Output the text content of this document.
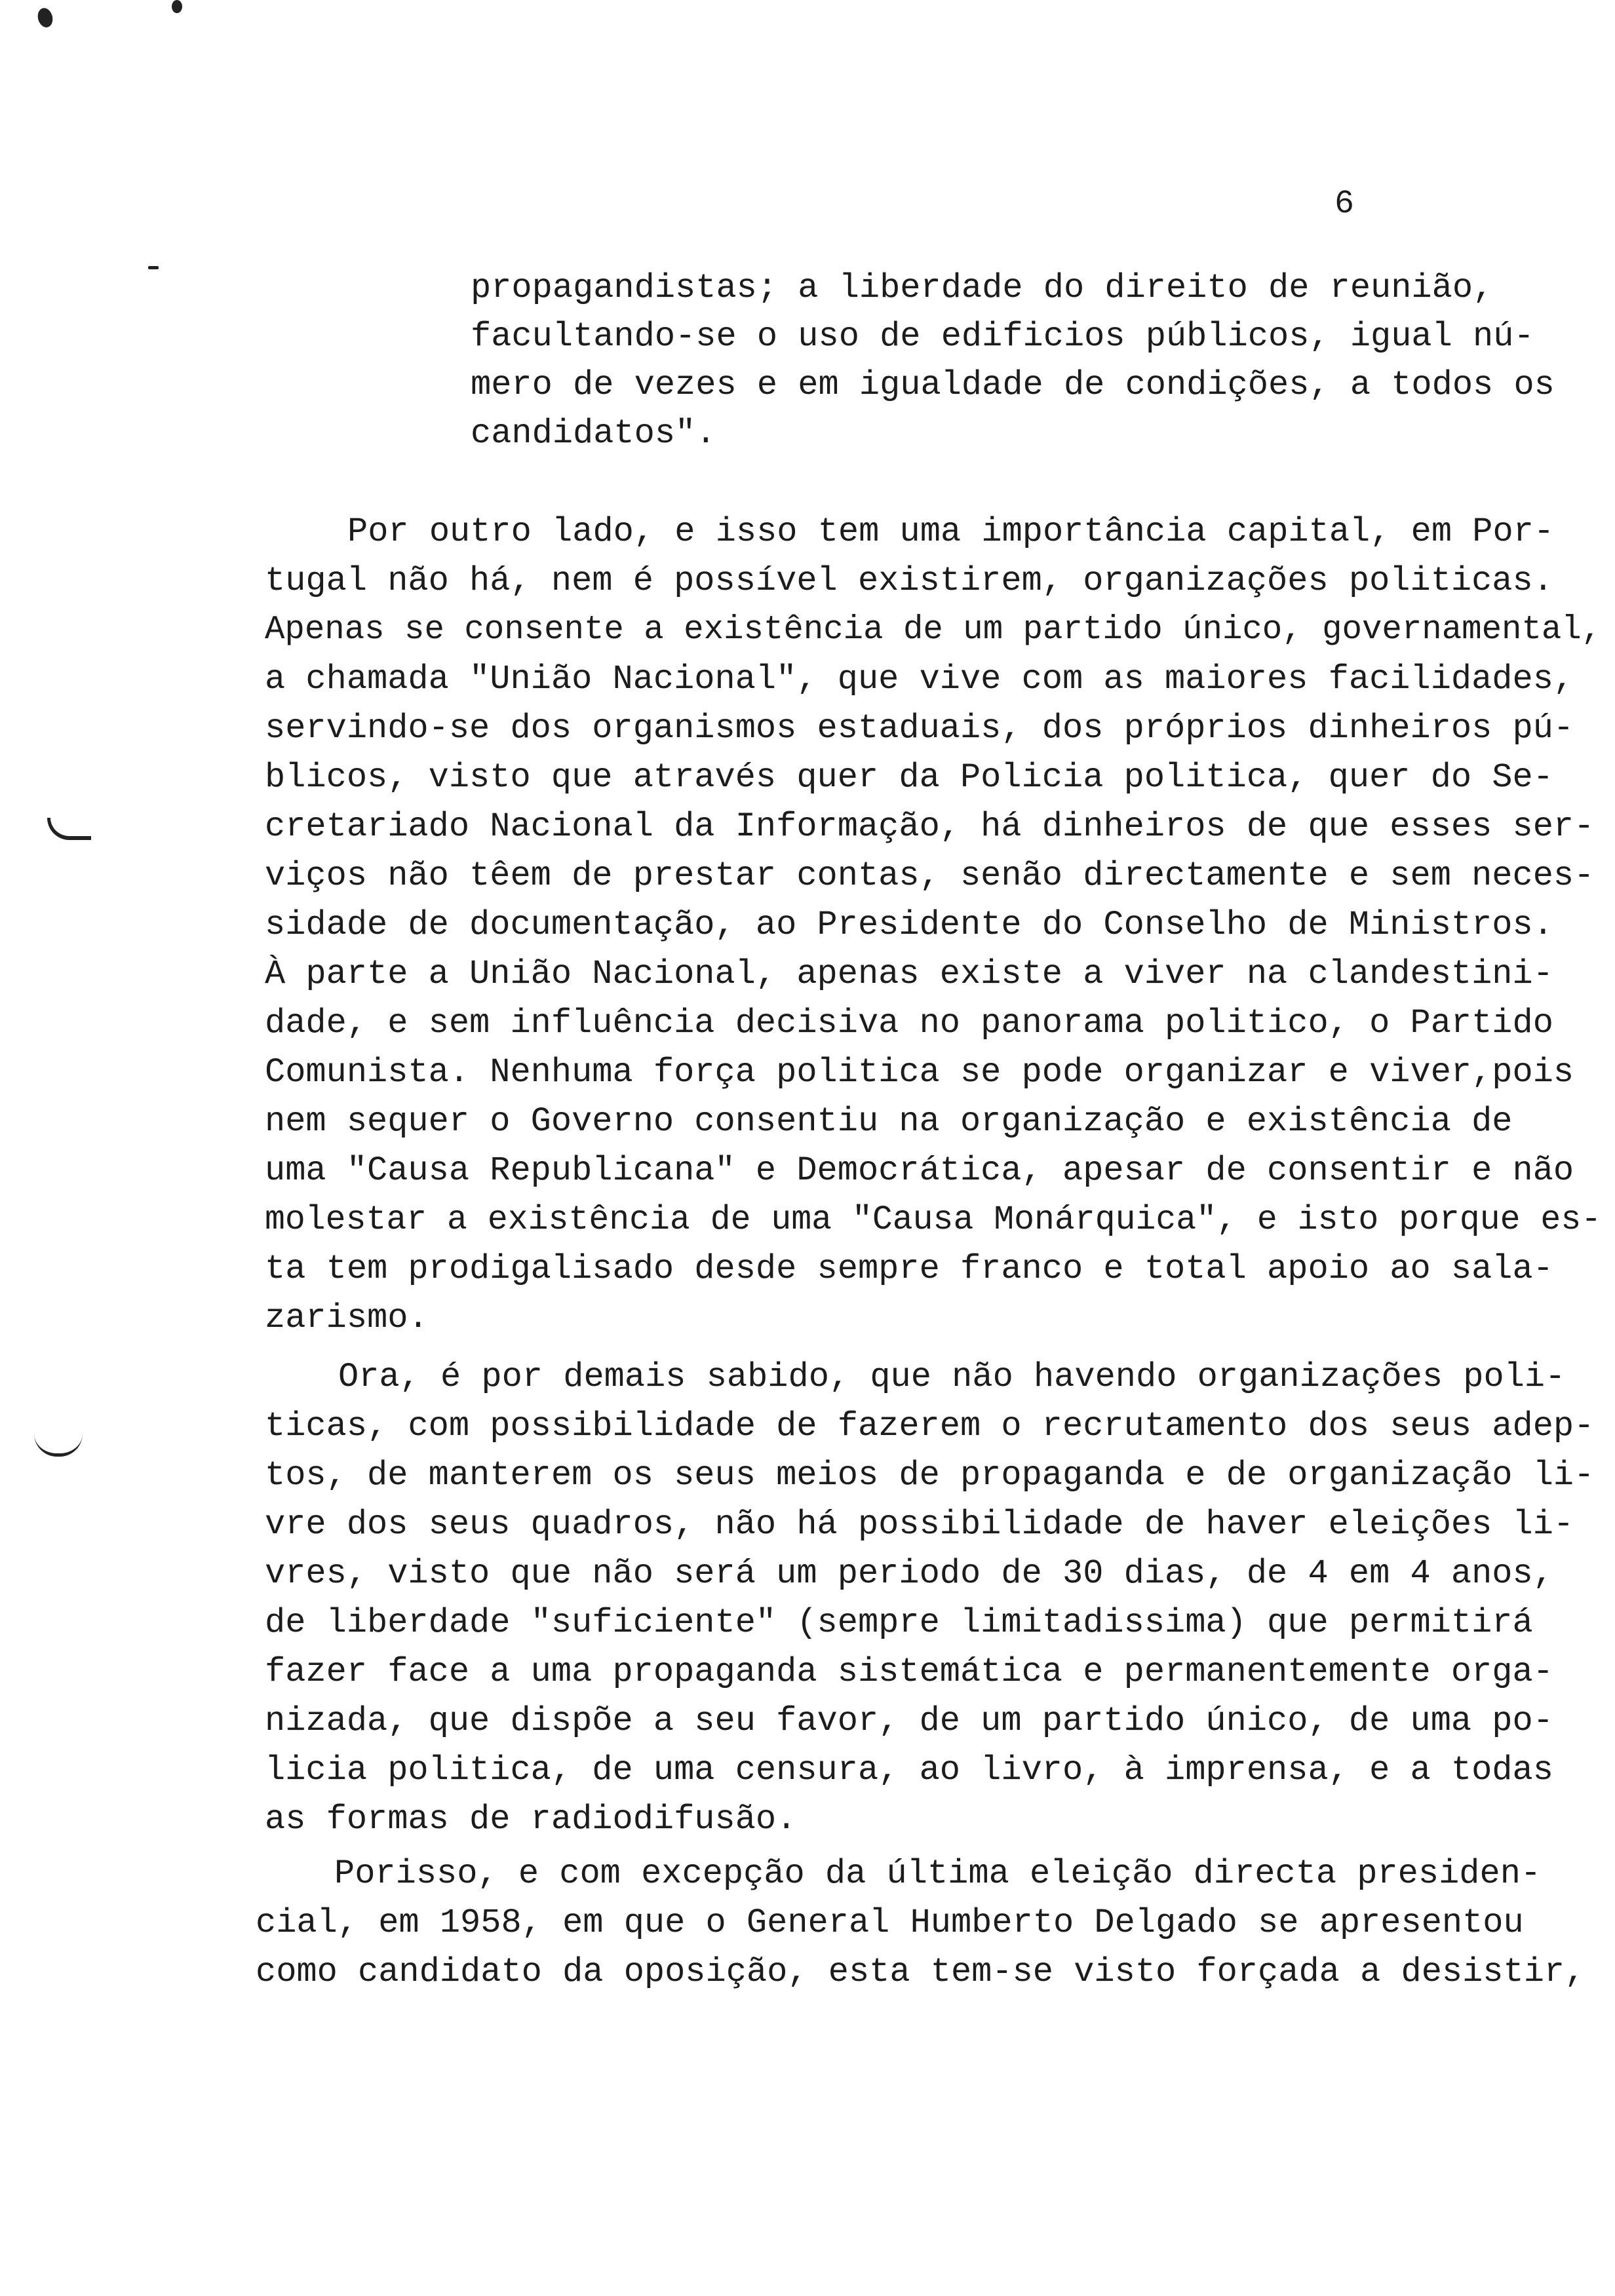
6

propagandistas; a liberdade do direito de reunião,

facultando-se o uso de edificios públicos, igual nú-

mero de vezes e em igualdade de condições, a todos os

candidatos".

Por outro lado, e isso tem uma importância capital, em Por-

tugal não há, nem é possível existirem, organizações politicas.

Apenas se consente a existência de um partido único, governamental,

a chamada "União Nacional", que vive com as maiores facilidades,

servindo-se dos organismos estaduais, dos próprios dinheiros pú-

blicos, visto que através quer da Policia politica, quer do Se-

cretariado Nacional da Informação, há dinheiros de que esses ser-

viços não têem de prestar contas, senão directamente e sem neces-

sidade de documentação, ao Presidente do Conselho de Ministros.

À parte a União Nacional, apenas existe a viver na clandestini-

dade, e sem influência decisiva no panorama politico, o Partido

Comunista. Nenhuma força politica se pode organizar e viver,pois

nem sequer o Governo consentiu na organização e existência de

uma "Causa Republicana" e Democrática, apesar de consentir e não

molestar a existência de uma "Causa Monárquica", e isto porque es-

ta tem prodigalisado desde sempre franco e total apoio ao sala-

zarismo.

Ora, é por demais sabido, que não havendo organizações poli-

ticas, com possibilidade de fazerem o recrutamento dos seus adep-

tos, de manterem os seus meios de propaganda e de organização li-

vre dos seus quadros, não há possibilidade de haver eleições li-

vres, visto que não será um periodo de 30 dias, de 4 em 4 anos,

de liberdade "suficiente" (sempre limitadissima) que permitirá

fazer face a uma propaganda sistemática e permanentemente orga-

nizada, que dispõe a seu favor, de um partido único, de uma po-

licia politica, de uma censura, ao livro, à imprensa, e a todas

as formas de radiodifusão.

Porisso, e com excepção da última eleição directa presiden-

cial, em 1958, em que o General Humberto Delgado se apresentou

como candidato da oposição, esta tem-se visto forçada a desistir,
